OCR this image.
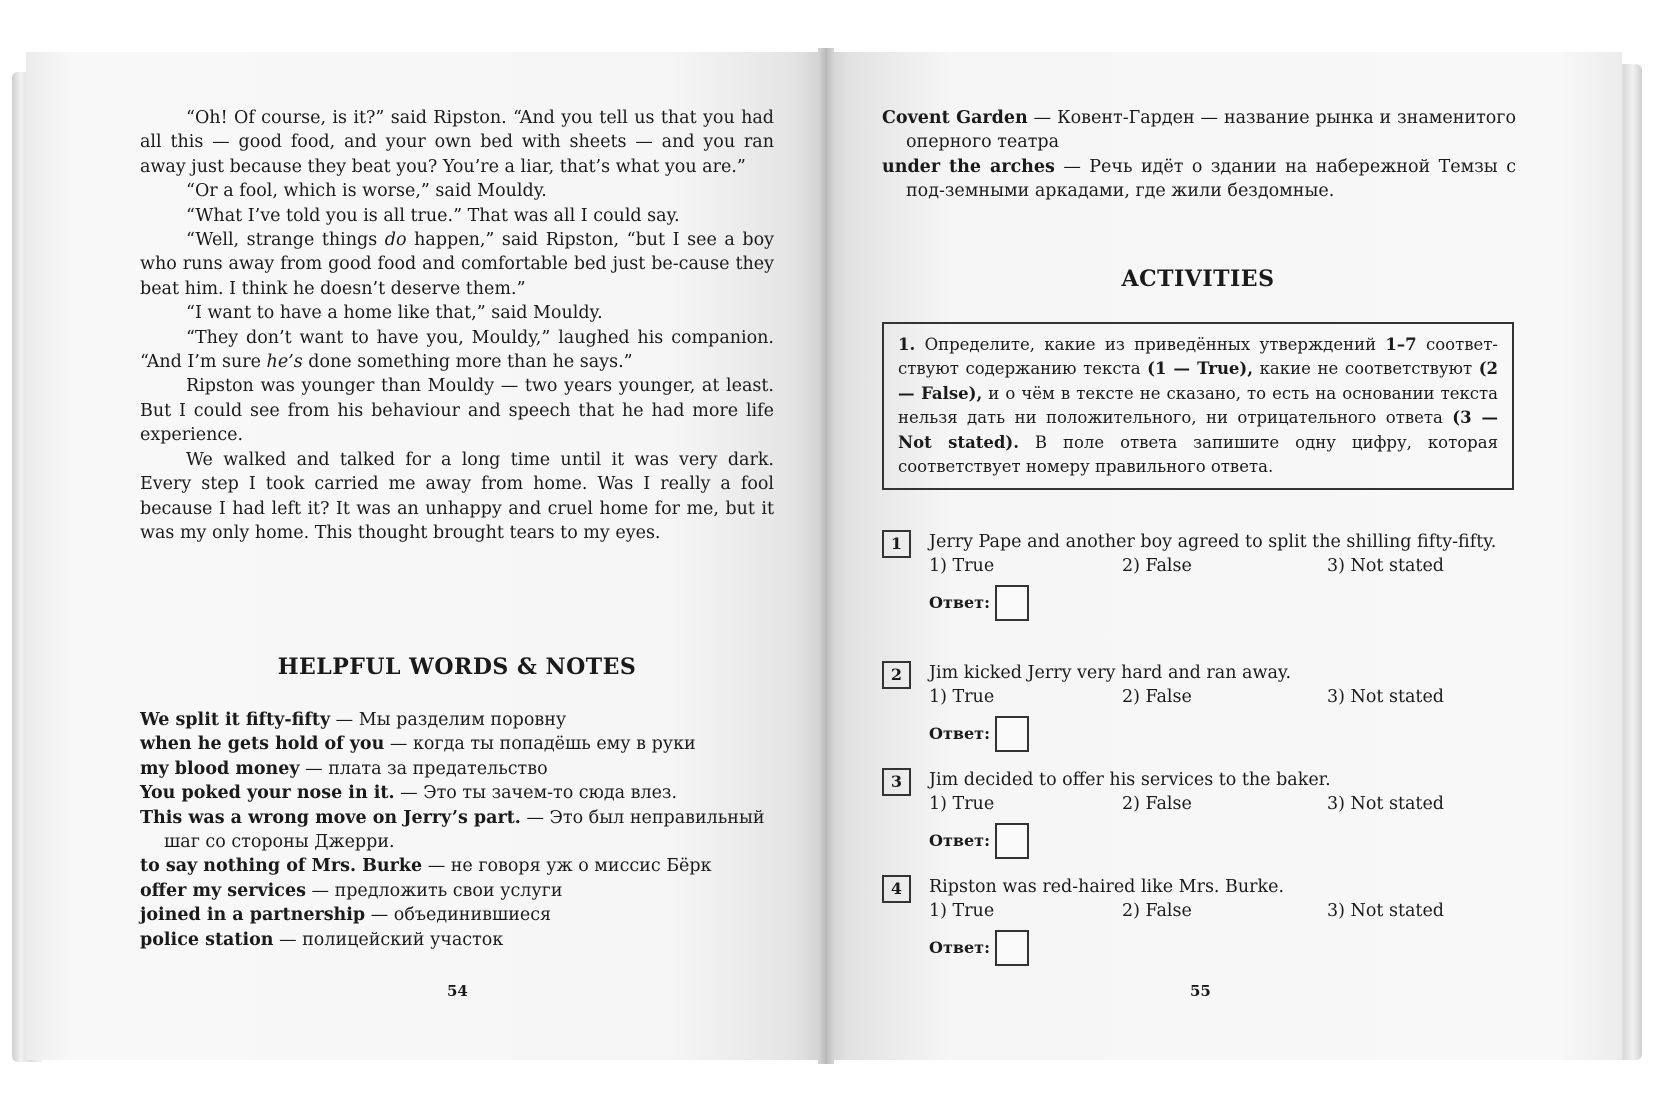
“Oh! Of course, is it?” said Ripston. “And you tell us that you had all this — good food, and your own bed with sheets — and you ran away just because they beat you? You’re a liar, that’s what you are.”

“Or a fool, which is worse,” said Mouldy.

“What I’ve told you is all true.” That was all I could say.

“Well, strange things do happen,” said Ripston, “but I see a boy who runs away from good food and comfortable bed just be-cause they beat him. I think he doesn’t deserve them.”

“I want to have a home like that,” said Mouldy.

“They don’t want to have you, Mouldy,” laughed his companion. “And I’m sure he’s done something more than he says.”

Ripston was younger than Mouldy — two years younger, at least. But I could see from his behaviour and speech that he had more life experience.

We walked and talked for a long time until it was very dark. Every step I took carried me away from home. Was I really a fool because I had left it? It was an unhappy and cruel home for me, but it was my only home. This thought brought tears to my eyes.

HELPFUL WORDS & NOTES

We split it fifty-fifty — Мы разделим поровну

when he gets hold of you — когда ты попадёшь ему в руки

my blood money — плата за предательство

You poked your nose in it. — Это ты зачем-то сюда влез.

This was a wrong move on Jerry’s part. — Это был неправильный шаг со стороны Джерри.

to say nothing of Mrs. Burke — не говоря уж о миссис Бёрк

offer my services — предложить свои услуги

joined in a partnership — объединившиеся

police station — полицейский участок

54

Covent Garden — Ковент-Гарден — название рынка и знаменитого оперного театра

under the arches — Речь идёт о здании на набережной Темзы с под-земными аркадами, где жили бездомные.

ACTIVITIES
1. Определите, какие из приведённых утверждений 1–7 соответ-ствуют содержанию текста (1 — True), какие не соответствуют (2 — False), и о чём в тексте не сказано, то есть на основании текста нельзя дать ни положительного, ни отрицательного ответа (3 — Not stated). В поле ответа запишите одну цифру, которая соответствует номеру правильного ответа.
1	Jerry Pape and another boy agreed to split the shilling fifty-fifty.
1) True	2) False	3) Not stated
Ответ:
2	Jim kicked Jerry very hard and ran away.
1) True	2) False	3) Not stated
Ответ:
3	Jim decided to offer his services to the baker.
1) True	2) False	3) Not stated
Ответ:
4	Ripston was red-haired like Mrs. Burke.
1) True	2) False	3) Not stated
Ответ:
55
